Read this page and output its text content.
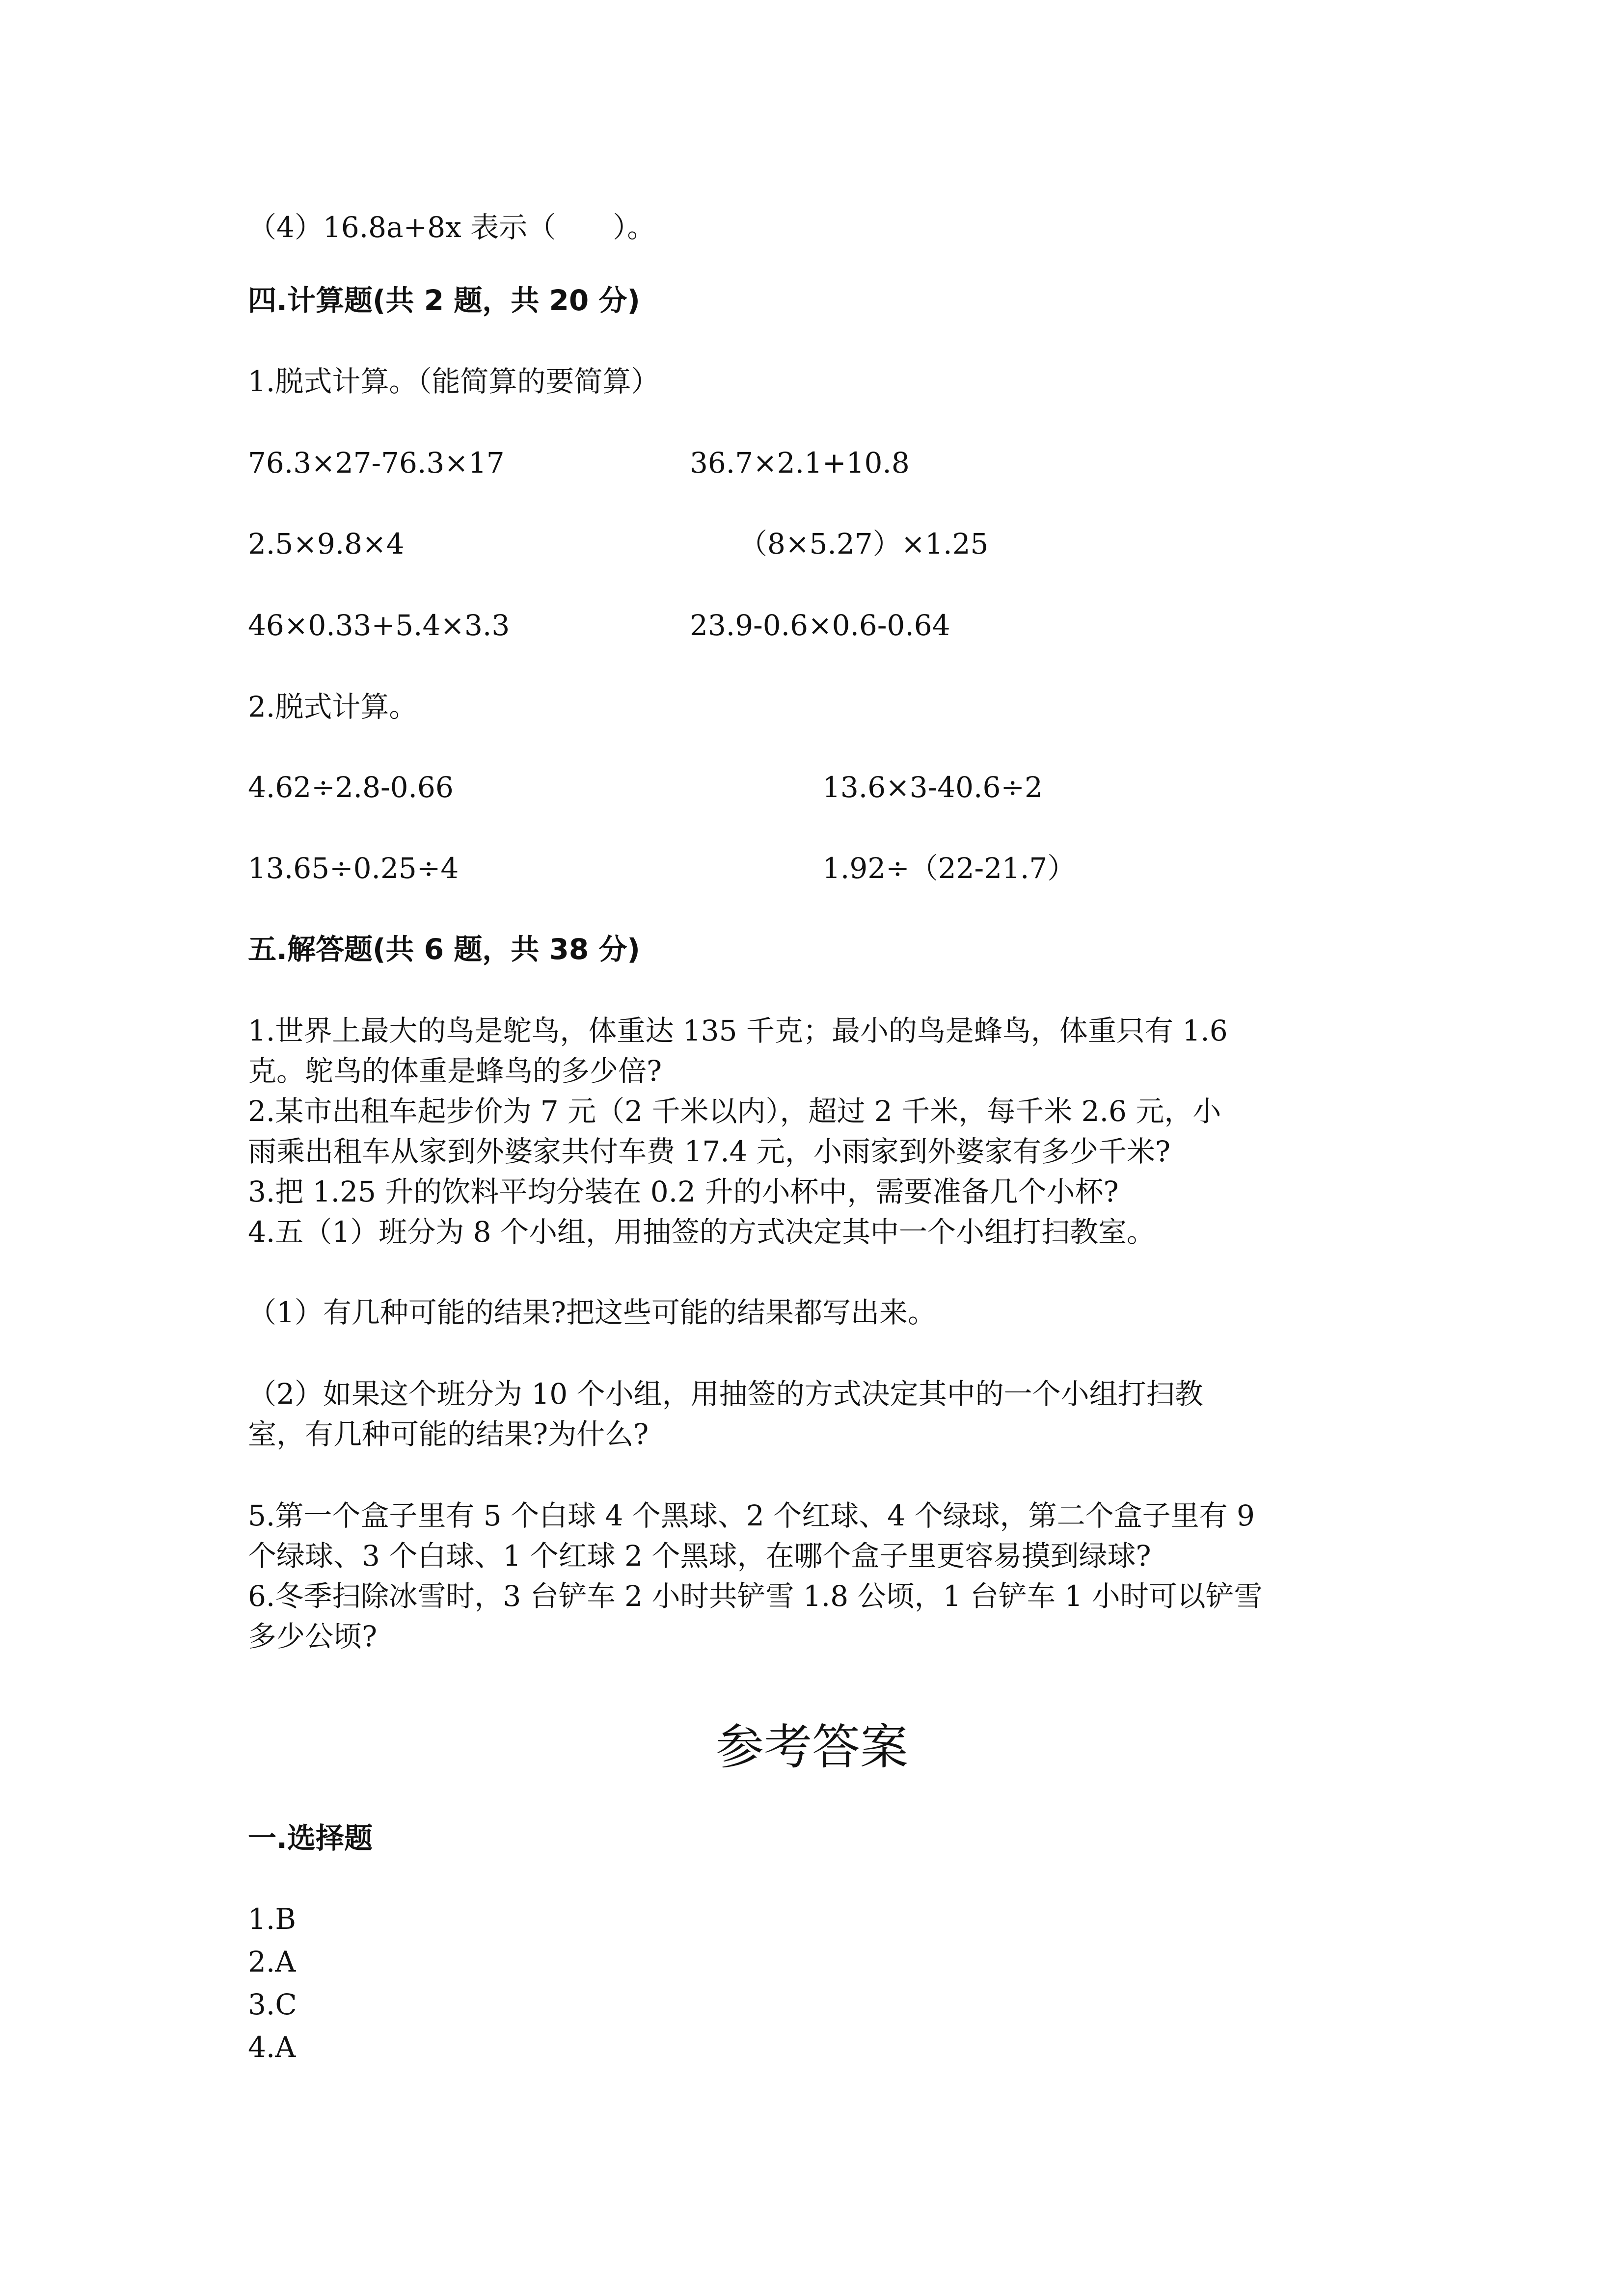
（4）16.8a+8x 表示（　　）。
四.计算题(共 2 题，共 20 分)
1.脱式计算。（能简算的要简算）
76.3×27-76.3×17	36.7×2.1+10.8
2.5×9.8×4	（8×5.27）×1.25
46×0.33+5.4×3.3	23.9-0.6×0.6-0.64
2.脱式计算。
4.62÷2.8-0.66	13.6×3-40.6÷2
13.65÷0.25÷4	1.92÷（22-21.7）
五.解答题(共 6 题，共 38 分)
1.世界上最大的鸟是鸵鸟，体重达 135 千克；最小的鸟是蜂鸟，体重只有 1.6
克。鸵鸟的体重是蜂鸟的多少倍?
2.某市出租车起步价为 7 元（2 千米以内），超过 2 千米，每千米 2.6 元，小
雨乘出租车从家到外婆家共付车费 17.4 元，小雨家到外婆家有多少千米?
3.把 1.25 升的饮料平均分装在 0.2 升的小杯中，需要准备几个小杯?
4.五（1）班分为 8 个小组，用抽签的方式决定其中一个小组打扫教室。
（1）有几种可能的结果?把这些可能的结果都写出来。
（2）如果这个班分为 10 个小组，用抽签的方式决定其中的一个小组打扫教
室，有几种可能的结果?为什么?
5.第一个盒子里有 5 个白球 4 个黑球、2 个红球、4 个绿球，第二个盒子里有 9
个绿球、3 个白球、1 个红球 2 个黑球，在哪个盒子里更容易摸到绿球?
6.冬季扫除冰雪时，3 台铲车 2 小时共铲雪 1.8 公顷，1 台铲车 1 小时可以铲雪
多少公顷?
参考答案
一.选择题
1.B
2.A
3.C
4.A
